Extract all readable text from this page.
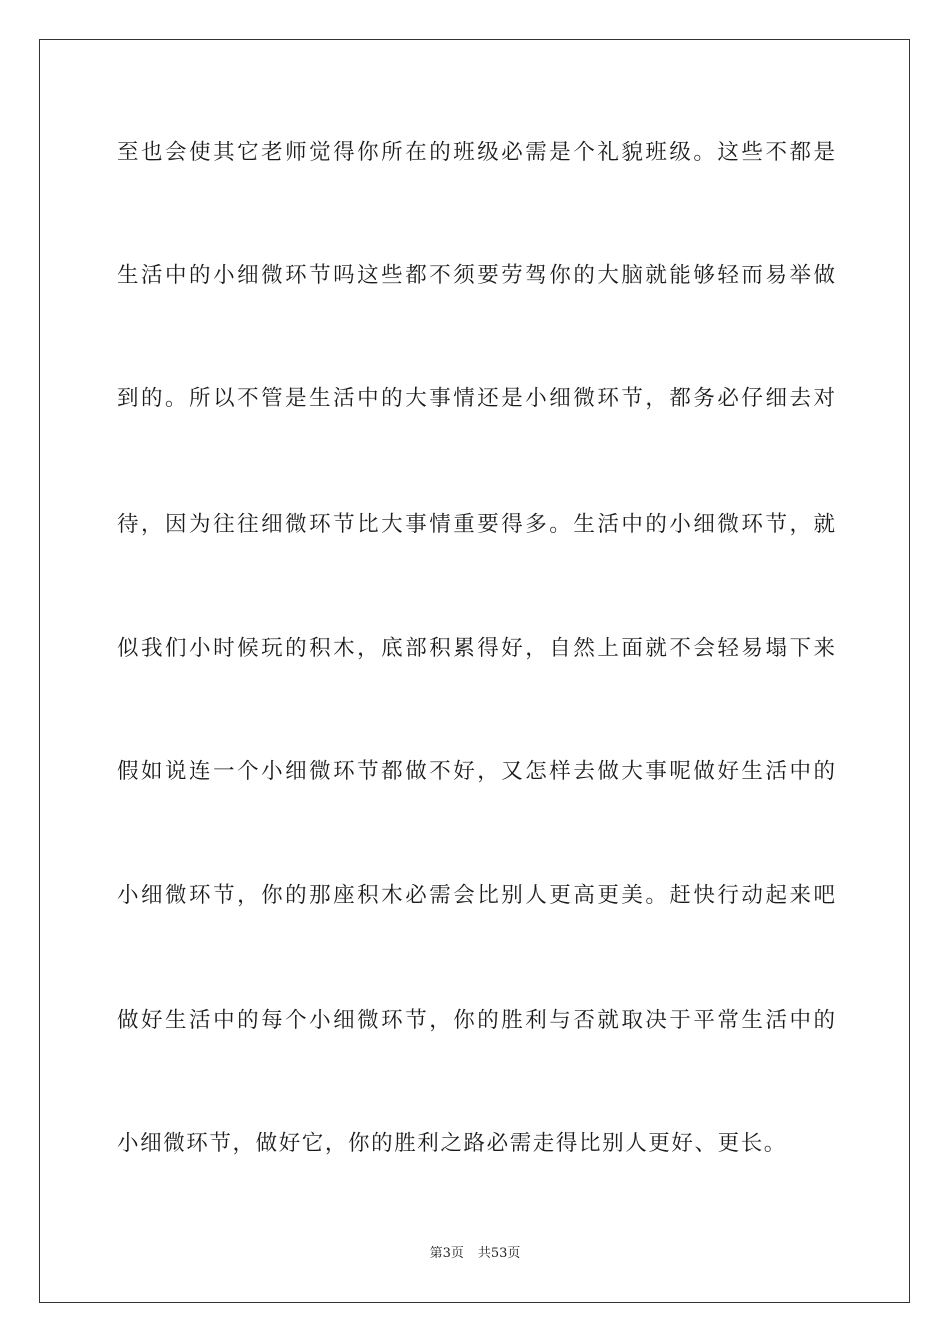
至也会使其它老师觉得你所在的班级必需是个礼貌班级。这些不都是
生活中的小细微环节吗这些都不须要劳驾你的大脑就能够轻而易举做
到的。所以不管是生活中的大事情还是小细微环节，都务必仔细去对
待，因为往往细微环节比大事情重要得多。生活中的小细微环节，就
似我们小时候玩的积木，底部积累得好，自然上面就不会轻易塌下来
假如说连一个小细微环节都做不好，又怎样去做大事呢做好生活中的
小细微环节，你的那座积木必需会比别人更高更美。赶快行动起来吧
做好生活中的每个小细微环节，你的胜利与否就取决于平常生活中的
小细微环节，做好它，你的胜利之路必需走得比别人更好、更长。
第3页 共53页
